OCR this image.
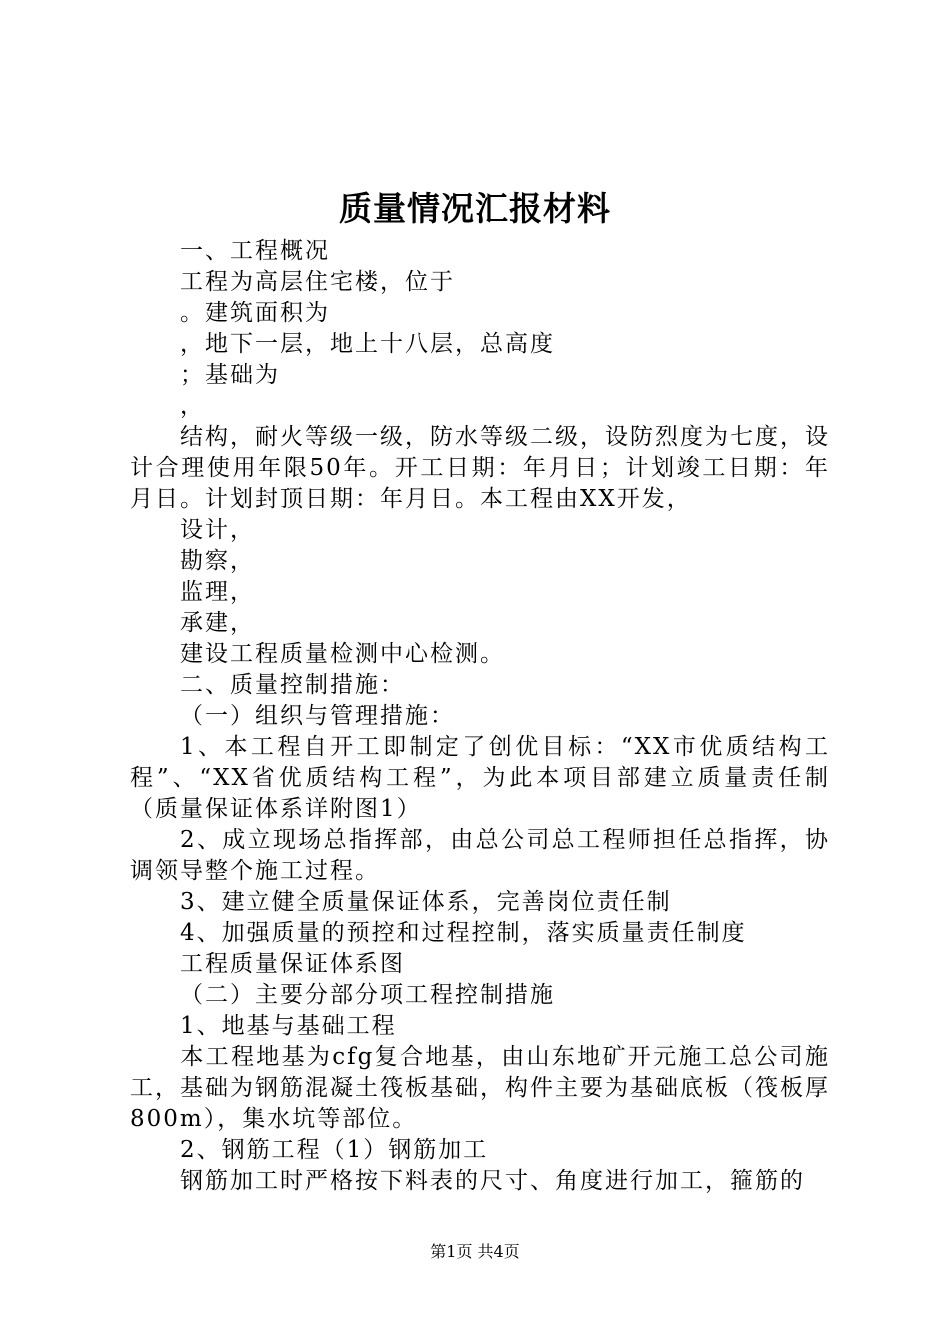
质量情况汇报材料
一、工程概况
工程为高层住宅楼，位于
。建筑面积为
，地下一层，地上十八层，总高度
；基础为
，
结构，耐火等级一级，防水等级二级，设防烈度为七度，设计合理使用年限50年。开工日期：年月日；计划竣工日期：年月日。计划封顶日期：年月日。本工程由XX开发，
设计，
勘察，
监理，
承建，
建设工程质量检测中心检测。
二、质量控制措施：
（一）组织与管理措施：
1、本工程自开工即制定了创优目标：“XX市优质结构工程”、“XX省优质结构工程”，为此本项目部建立质量责任制（质量保证体系详附图1）
2、成立现场总指挥部，由总公司总工程师担任总指挥，协调领导整个施工过程。
3、建立健全质量保证体系，完善岗位责任制
4、加强质量的预控和过程控制，落实质量责任制度
工程质量保证体系图
（二）主要分部分项工程控制措施
1、地基与基础工程
本工程地基为cfg复合地基，由山东地矿开元施工总公司施工，基础为钢筋混凝土筏板基础，构件主要为基础底板（筏板厚800m），集水坑等部位。
2、钢筋工程（1）钢筋加工
钢筋加工时严格按下料表的尺寸、角度进行加工，箍筋的
第1页 共4页
